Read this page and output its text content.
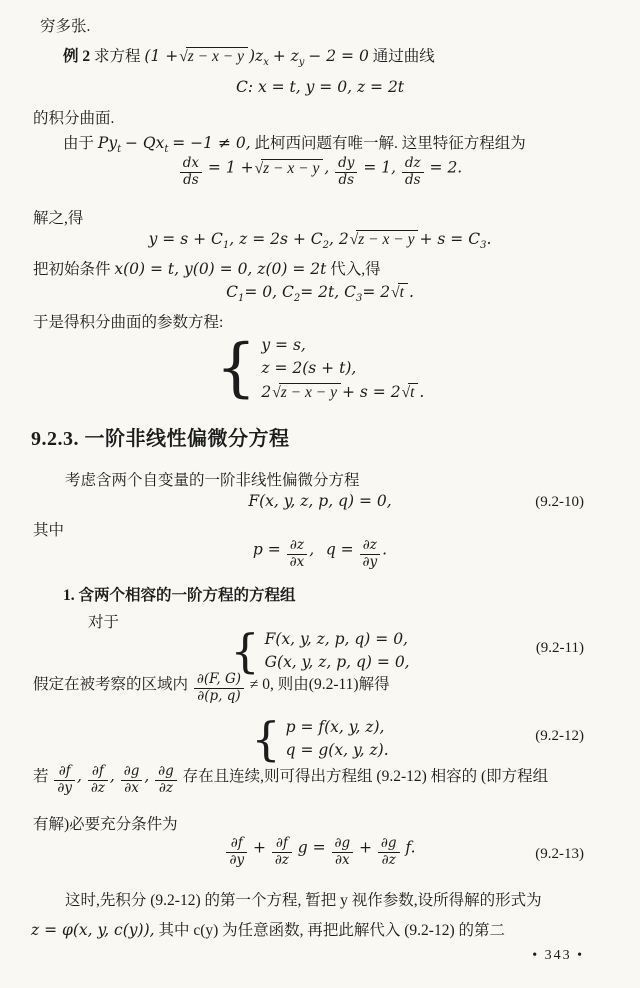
穷多张.
例 2 求方程 (1 +√z − x − y )$z_x + z_y - 2 = 0$ 通过曲线
C: x = t, y = 0, z = 2t
的积分曲面.
由于 $Py_t - Qx_t = -1 \ne 0$, 此柯西问题有唯一解. 这里特征方程组为
$\frac{dx}{ds} = 1 +√z - x - y$ , $\frac{dy}{ds} = 1$, $\frac{dz}{ds} = 2$.
解之,得
$y = s + C_1$, $z = 2s + C_2$, $2√z - x - y + s = C_3$.
把初始条件 x(0) = t, y(0) = 0, z(0) = 2t 代入,得
$C_1= 0$, $C_2= 2t$, $C_3= 2√t$ .
于是得积分曲面的参数方程:
{ y = s,
z = 2(s + t),
2√z − x − y + s = 2√t .
9.2.3. 一阶非线性偏微分方程
考虑含两个自变量的一阶非线性偏微分方程
F(x, y, z, p, q) = 0,	(9.2-10)
其中
$p = \frac{\partial z}{\partial x}$ , $q = \frac{\partial z}{\partial y}$ .
1. 含两个相容的一阶方程的方程组
对于
{ F(x, y, z, p, q) = 0,
G(x, y, z, p, q) = 0,
(9.2-11)
假定在被考察的区域内 $\frac{\partial(F, G)}{\partial(p, q)} \ne 0$, 则由(9.2-11)解得
{ p = f(x, y, z),
q = g(x, y, z).
(9.2-12)
若 $\frac{\partial f}{\partial y}$ , $\frac{\partial f}{\partial z}$ , $\frac{\partial g}{\partial x}$ , $\frac{\partial g}{\partial z}$ 存在且连续,则可得出方程组 (9.2-12) 相容的 (即方程组
有解)必要充分条件为
$\frac{\partial f}{\partial y} + \frac{\partial f}{\partial z}$ $g = \frac{\partial g}{\partial x} + \frac{\partial g}{\partial z} f$.	(9.2-13)
这时,先积分 (9.2-12) 的第一个方程, 暂把 y 视作参数,设所得解的形式为
z = φ(x, y, c(y)), 其中 c(y) 为任意函数, 再把此解代入 (9.2-12) 的第二
• 343 •
